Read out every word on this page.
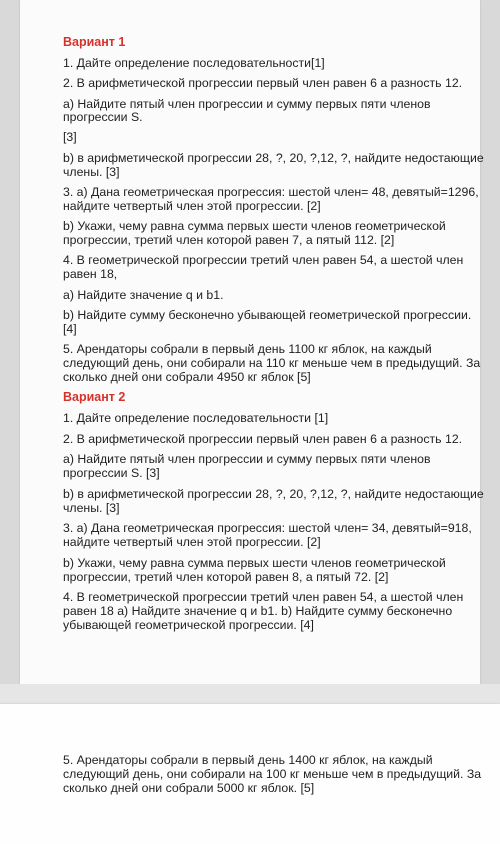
Вариант 1
1. Дайте определение последовательности[1]
2. В арифметической прогрессии первый член равен 6 а разность 12.
а) Найдите пятый член прогрессии и сумму первых пяти членов
прогрессии S.
[3]
b) в арифметической прогрессии 28, ?, 20, ?,12, ?, найдите недостающие
члены. [3]
3. а) Дана геометрическая прогрессия: шестой член= 48, девятый=1296,
найдите четвертый член этой прогрессии. [2]
b) Укажи, чему равна сумма первых шести членов геометрической
прогрессии, третий член которой равен 7, а пятый 112. [2]
4. В геометрической прогрессии третий член равен 54, а шестой член
равен 18,
а) Найдите значение q и b1.
b) Найдите сумму бесконечно убывающей геометрической прогрессии.
[4]
5. Арендаторы собрали в первый день 1100 кг яблок, на каждый
следующий день, они собирали на 110 кг меньше чем в предыдущий. За
сколько дней они собрали 4950 кг яблок [5]
Вариант 2
1. Дайте определение последовательности [1]
2. В арифметической прогрессии первый член равен 6 а разность 12.
а) Найдите пятый член прогрессии и сумму первых пяти членов
прогрессии S. [3]
b) в арифметической прогрессии 28, ?, 20, ?,12, ?, найдите недостающие
члены. [3]
3. а) Дана геометрическая прогрессия: шестой член= 34, девятый=918,
найдите четвертый член этой прогрессии. [2]
b) Укажи, чему равна сумма первых шести членов геометрической
прогрессии, третий член которой равен 8, а пятый 72. [2]
4. В геометрической прогрессии третий член равен 54, а шестой член
равен 18 а) Найдите значение q и b1. b) Найдите сумму бесконечно
убывающей геометрической прогрессии. [4]
5. Арендаторы собрали в первый день 1400 кг яблок, на каждый
следующий день, они собирали на 100 кг меньше чем в предыдущий. За
сколько дней они собрали 5000 кг яблок. [5]
